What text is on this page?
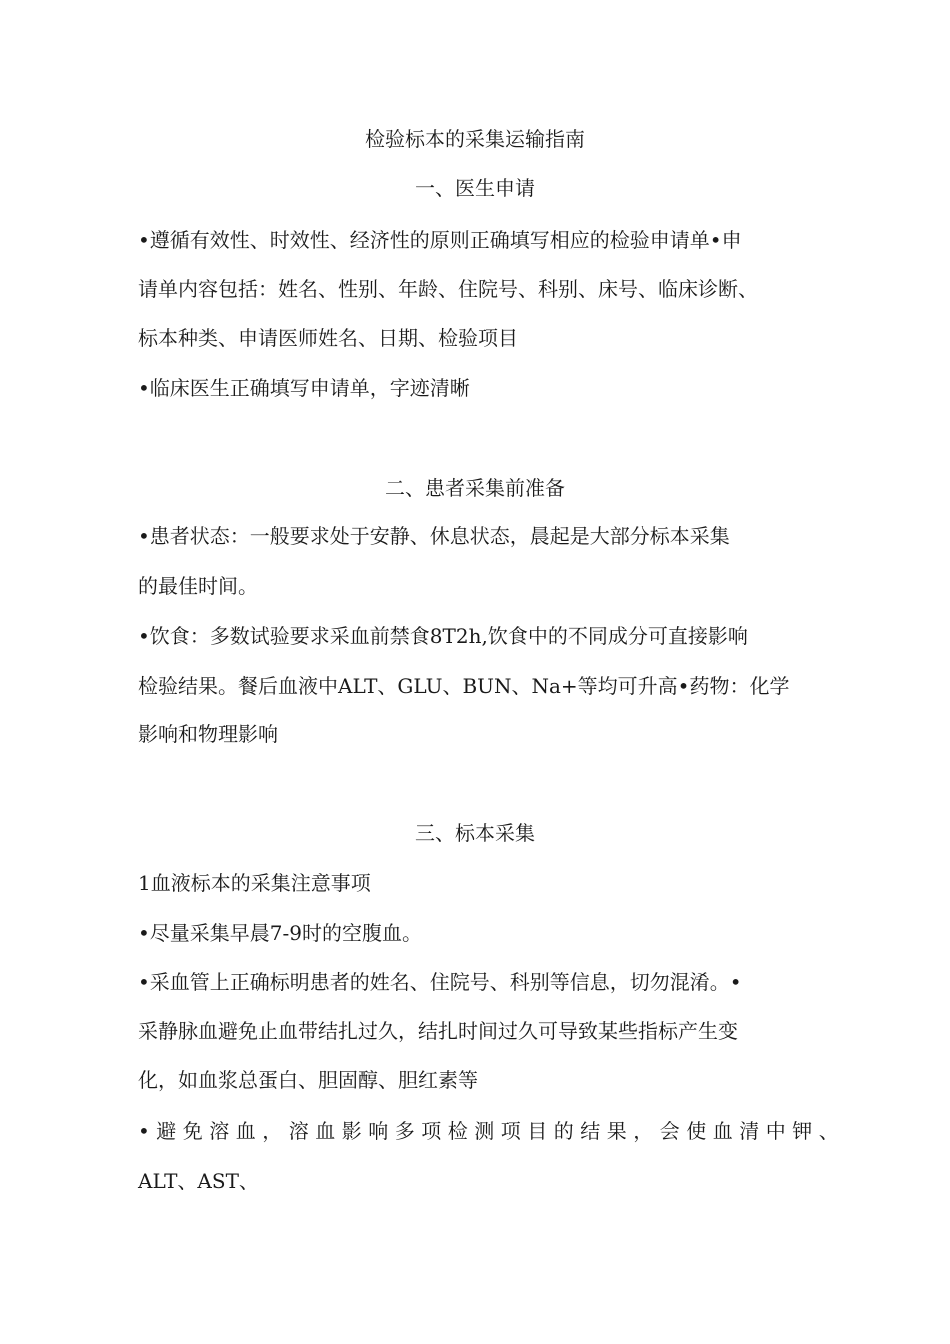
检验标本的采集运输指南
一、医生申请
•遵循有效性、时效性、经济性的原则正确填写相应的检验申请单•申
请单内容包括：姓名、性别、年龄、住院号、科别、床号、临床诊断、
标本种类、申请医师姓名、日期、检验项目
•临床医生正确填写申请单，字迹清晰
二、患者采集前准备
•患者状态：一般要求处于安静、休息状态，晨起是大部分标本采集
的最佳时间。
•饮食：多数试验要求采血前禁食8T2h,饮食中的不同成分可直接影响
检验结果。餐后血液中ALT、GLU、BUN、Na+等均可升高•药物：化学
影响和物理影响
三、标本采集
1血液标本的采集注意事项
•尽量采集早晨7-9时的空腹血。
•采血管上正确标明患者的姓名、住院号、科别等信息，切勿混淆。•
采静脉血避免止血带结扎过久，结扎时间过久可导致某些指标产生变
化，如血浆总蛋白、胆固醇、胆红素等
•避免溶血，溶血影响多项检测项目的结果，会使血清中钾、
ALT、AST、
